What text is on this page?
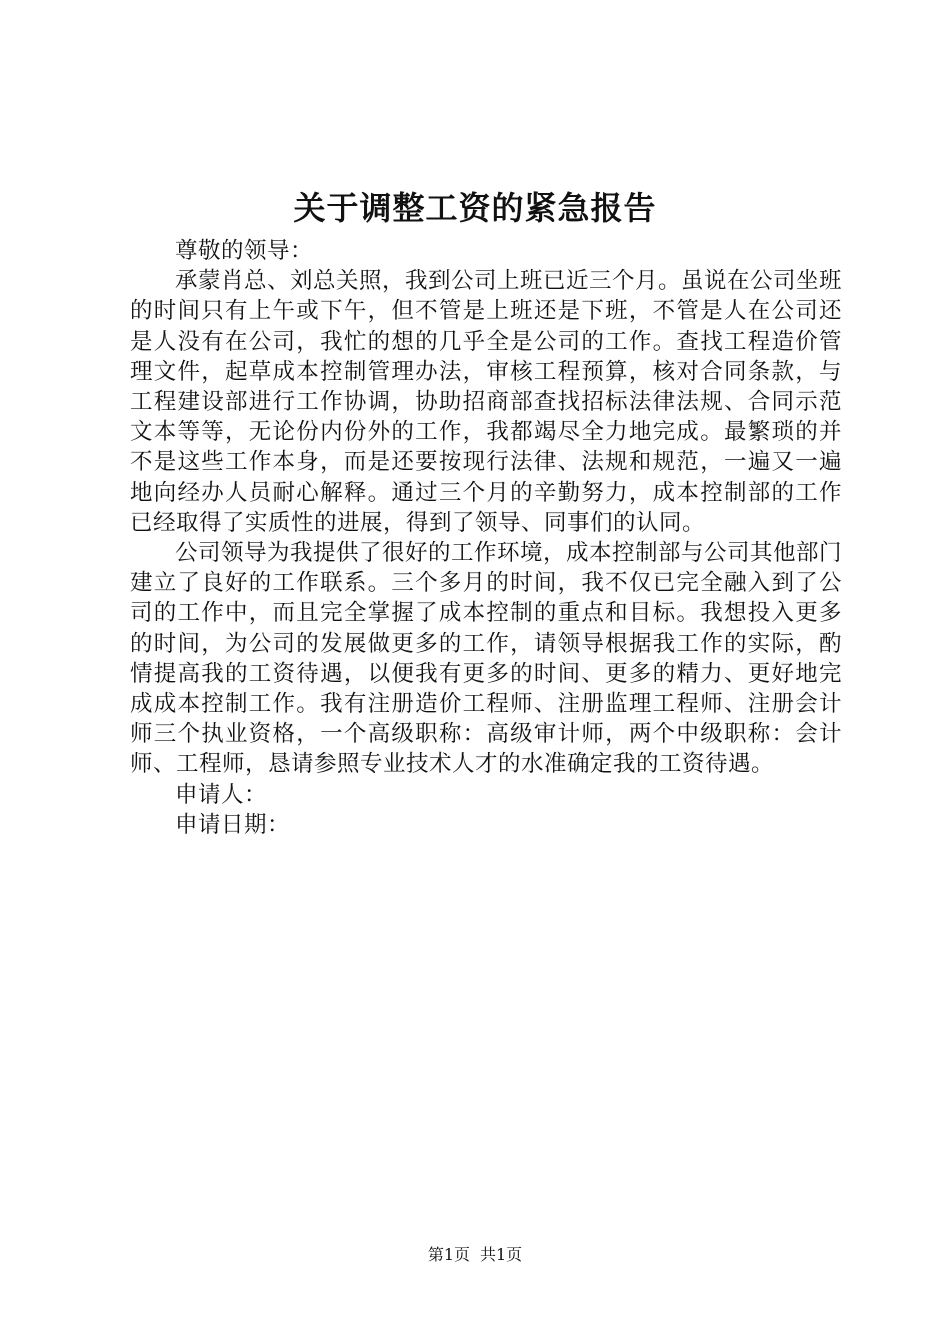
关于调整工资的紧急报告

尊敬的领导：

承蒙肖总、刘总关照，我到公司上班已近三个月。虽说在公司坐班的时间只有上午或下午，但不管是上班还是下班，不管是人在公司还是人没有在公司，我忙的想的几乎全是公司的工作。查找工程造价管理文件，起草成本控制管理办法，审核工程预算，核对合同条款，与工程建设部进行工作协调，协助招商部查找招标法律法规、合同示范文本等等，无论份内份外的工作，我都竭尽全力地完成。最繁琐的并不是这些工作本身，而是还要按现行法律、法规和规范，一遍又一遍地向经办人员耐心解释。通过三个月的辛勤努力，成本控制部的工作已经取得了实质性的进展，得到了领导、同事们的认同。

公司领导为我提供了很好的工作环境，成本控制部与公司其他部门建立了良好的工作联系。三个多月的时间，我不仅已完全融入到了公司的工作中，而且完全掌握了成本控制的重点和目标。我想投入更多的时间，为公司的发展做更多的工作，请领导根据我工作的实际，酌情提高我的工资待遇，以便我有更多的时间、更多的精力、更好地完成成本控制工作。我有注册造价工程师、注册监理工程师、注册会计师三个执业资格，一个高级职称：高级审计师，两个中级职称：会计师、工程师，恳请参照专业技术人才的水准确定我的工资待遇。

申请人：

申请日期：

第1页 共1页
